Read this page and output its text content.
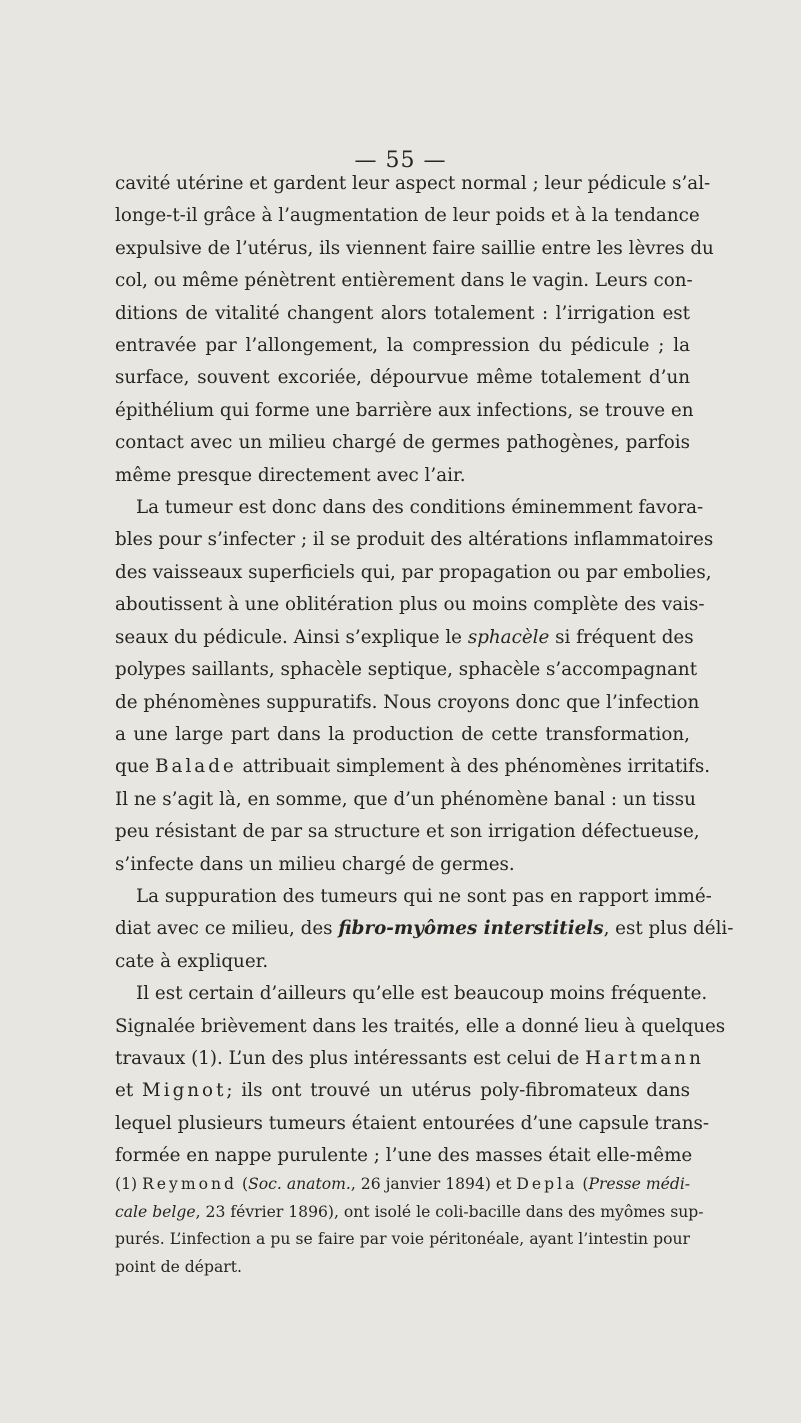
— 55 —
cavité utérine et gardent leur aspect normal ; leur pédicule s’al-
longe-t-il grâce à l’augmentation de leur poids et à la tendance
expulsive de l’utérus, ils viennent faire saillie entre les lèvres du
col, ou même pénètrent entièrement dans le vagin. Leurs con-
ditions de vitalité changent alors totalement : l’irrigation est
entravée par l’allongement, la compression du pédicule ; la
surface, souvent excoriée, dépourvue même totalement d’un
épithélium qui forme une barrière aux infections, se trouve en
contact avec un milieu chargé de germes pathogènes, parfois
même presque directement avec l’air.
La tumeur est donc dans des conditions éminemment favora-
bles pour s’infecter ; il se produit des altérations inflammatoires
des vaisseaux superficiels qui, par propagation ou par embolies,
aboutissent à une oblitération plus ou moins complète des vais-
seaux du pédicule. Ainsi s’explique le sphacèle si fréquent des
polypes saillants, sphacèle septique, sphacèle s’accompagnant
de phénomènes suppuratifs. Nous croyons donc que l’infection
a une large part dans la production de cette transformation,
que Balade attribuait simplement à des phénomènes irritatifs.
Il ne s’agit là, en somme, que d’un phénomène banal : un tissu
peu résistant de par sa structure et son irrigation défectueuse,
s’infecte dans un milieu chargé de germes.
La suppuration des tumeurs qui ne sont pas en rapport immé-
diat avec ce milieu, des fibro-myômes interstitiels, est plus déli-
cate à expliquer.
Il est certain d’ailleurs qu’elle est beaucoup moins fréquente.
Signalée brièvement dans les traités, elle a donné lieu à quelques
travaux (1). L’un des plus intéressants est celui de Hartmann
et Mignot; ils ont trouvé un utérus poly-fibromateux dans
lequel plusieurs tumeurs étaient entourées d’une capsule trans-
formée en nappe purulente ; l’une des masses était elle-même
(1) Reymond (Soc. anatom., 26 janvier 1894) et Depla (Presse médi-
cale belge, 23 février 1896), ont isolé le coli-bacille dans des myômes sup-
purés. L’infection a pu se faire par voie péritonéale, ayant l’intestin pour
point de départ.
